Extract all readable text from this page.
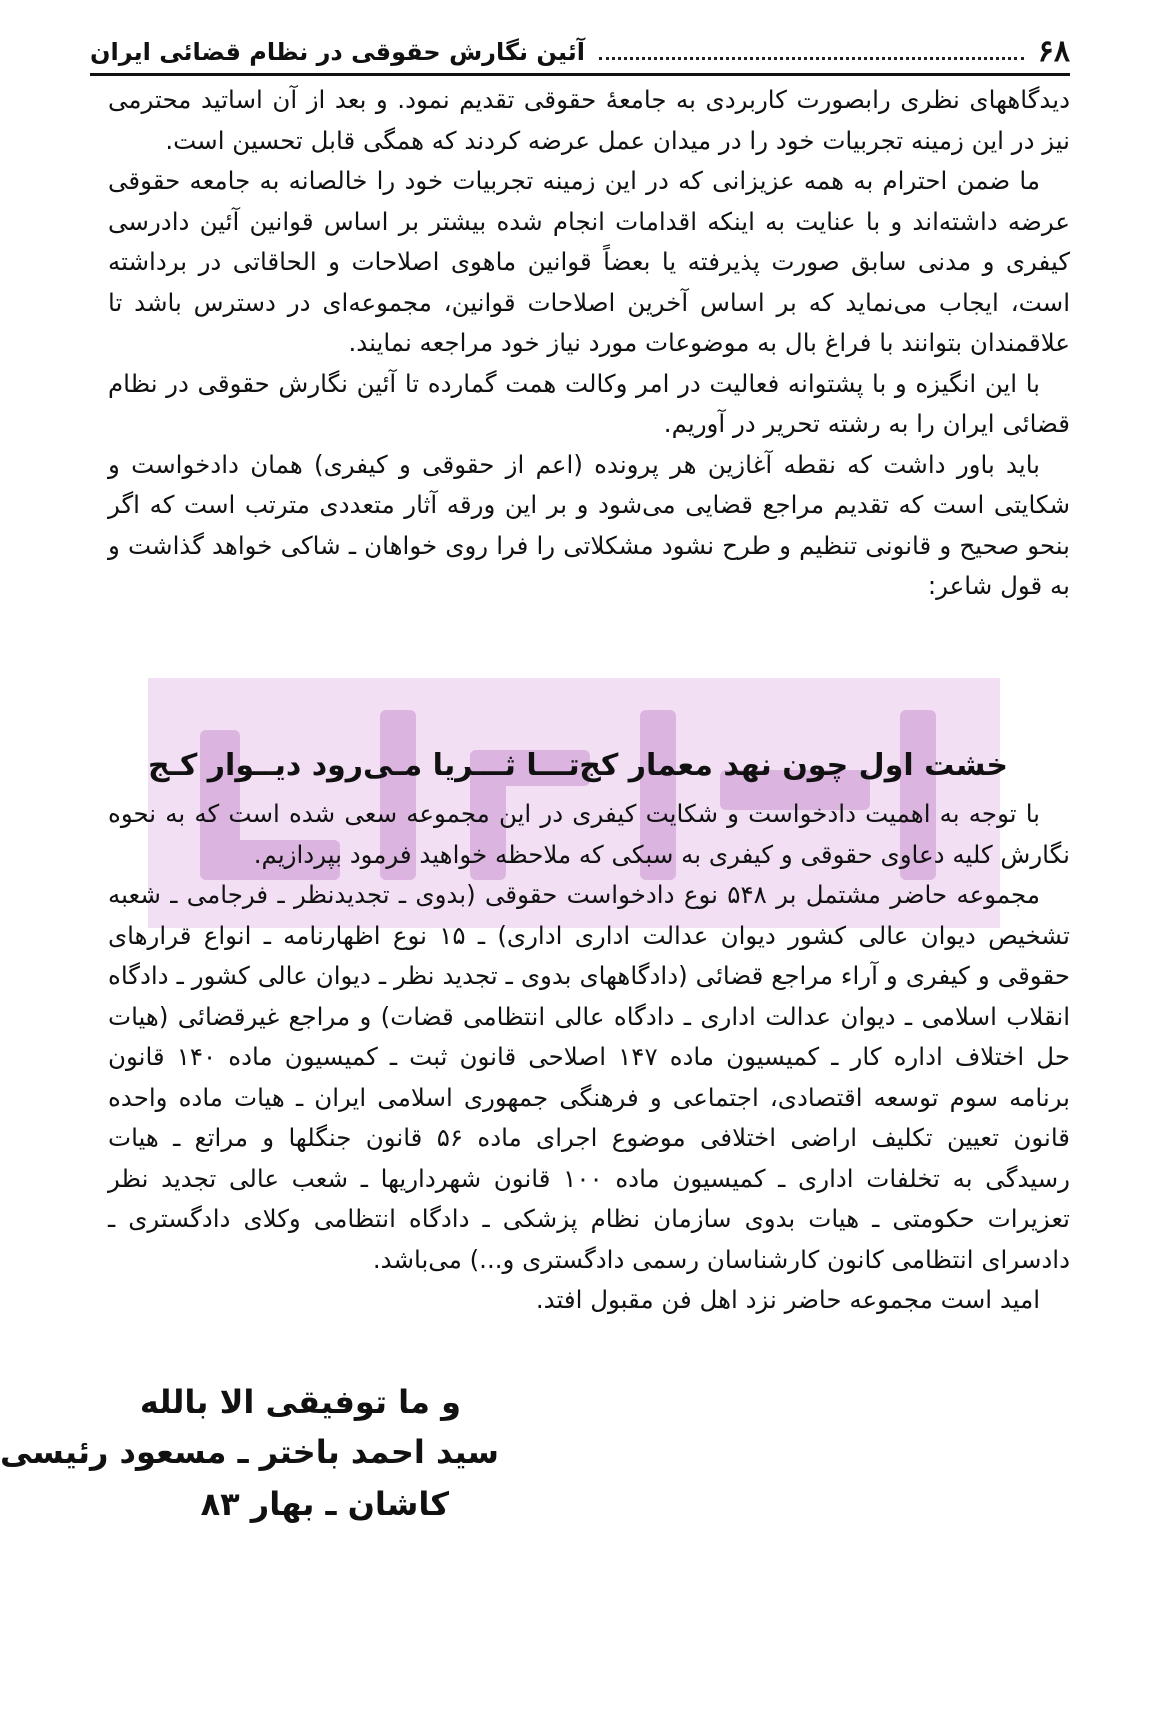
۶۸
آئین نگارش حقوقی در نظام قضائی ایران

دیدگاههای نظری رابصورت کاربردی به جامعهٔ حقوقی تقدیم نمود. و بعد از آن اساتید محترمی نیز در این زمینه تجربیات خود را در میدان عمل عرضه کردند که همگی قابل تحسین است.

ما ضمن احترام به همه عزیزانی که در این زمینه تجربیات خود را خالصانه به جامعه حقوقی عرضه داشته‌اند و با عنایت به اینکه اقدامات انجام شده بیشتر بر اساس قوانین آئین دادرسی کیفری و مدنی سابق صورت پذیرفته یا بعضاً قوانین ماهوی اصلاحات و الحاقاتی در برداشته است، ایجاب می‌نماید که بر اساس آخرین اصلاحات قوانین، مجموعه‌ای در دسترس باشد تا علاقمندان بتوانند با فراغ بال به موضوعات مورد نیاز خود مراجعه نمایند.

با این انگیزه و با پشتوانه فعالیت در امر وکالت همت گمارده تا آئین نگارش حقوقی در نظام قضائی ایران را به رشته تحریر در آوریم.

باید باور داشت که نقطه آغازین هر پرونده (اعم از حقوقی و کیفری) همان دادخواست و شکایتی است که تقدیم مراجع قضایی می‌شود و بر این ورقه آثار متعددی مترتب است که اگر بنحو صحیح و قانونی تنظیم و طرح نشود مشکلاتی را فرا روی خواهان ـ شاکی خواهد گذاشت و به قول شاعر:

خشت اول چون نهد معمار کج
تـــا ثـــریا مـی‌رود دیــوار کـج

با توجه به اهمیت دادخواست و شکایت کیفری در این مجموعه سعی شده است که به نحوه نگارش کلیه دعاوی حقوقی و کیفری به سبکی که ملاحظه خواهید فرمود بپردازیم.

مجموعه حاضر مشتمل بر ۵۴۸ نوع دادخواست حقوقی (بدوی ـ تجدیدنظر ـ فرجامی ـ شعبه تشخیص دیوان عالی کشور دیوان عدالت اداری اداری) ـ ۱۵ نوع اظهارنامه ـ انواع قرارهای حقوقی و کیفری و آراء مراجع قضائی (دادگاههای بدوی ـ تجدید نظر ـ دیوان عالی کشور ـ دادگاه انقلاب اسلامی ـ دیوان عدالت اداری ـ دادگاه عالی انتظامی قضات) و مراجع غیرقضائی (هیات حل اختلاف اداره کار ـ کمیسیون ماده ۱۴۷ اصلاحی قانون ثبت ـ کمیسیون ماده ۱۴۰ قانون برنامه سوم توسعه اقتصادی، اجتماعی و فرهنگی جمهوری اسلامی ایران ـ هیات ماده واحده قانون تعیین تکلیف اراضی اختلافی موضوع اجرای ماده ۵۶ قانون جنگلها و مراتع ـ هیات رسیدگی به تخلفات اداری ـ کمیسیون ماده ۱۰۰ قانون شهرداریها ـ شعب عالی تجدید نظر تعزیرات حکومتی ـ هیات بدوی سازمان نظام پزشکی ـ دادگاه انتظامی وکلای دادگستری ـ دادسرای انتظامی کانون کارشناسان رسمی دادگستری و...) می‌باشد.

امید است مجموعه حاضر نزد اهل فن مقبول افتد.

و ما توفیقی الا بالله
سید احمد باختر ـ مسعود رئیسی
کاشان ـ بهار ۸۳
